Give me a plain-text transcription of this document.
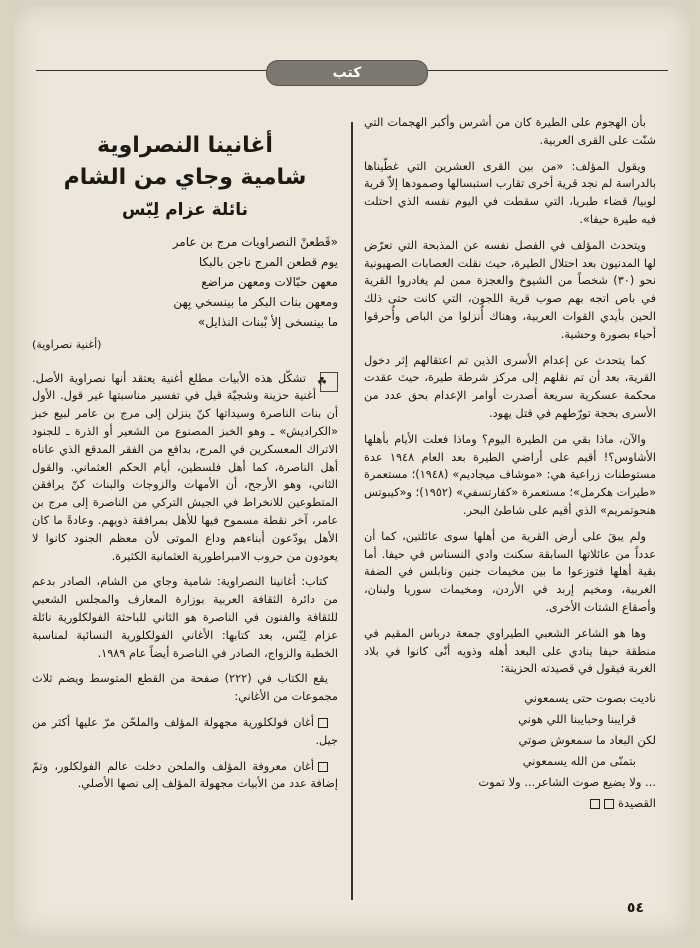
كتب

بأن الهجوم على الطيرة كان من أشرس وأكبر الهجمات التي شنّت على القرى العربية.

ويقول المؤلف: «من بين القرى العشرين التي غطّيناها بالدراسة لم نجد قرية أخرى تقارب استبسالها وصمودها إلاّ قرية لوبيا/ قضاء طبريا، التي سقطت في اليوم نفسه الذي احتلت فيه طيرة حيفا».

ويتحدث المؤلف في الفصل نفسه عن المذبحة التي تعرّض لها المدنيون بعد احتلال الطيرة، حيث نقلت العصابات الصهيونية نحو (٣٠) شخصاً من الشيوخ والعجزة ممن لم يغادروا القرية في باص اتجه بهم صوب قرية اللجون، التي كانت حتى ذلك الحين بأيدي القوات العربية، وهناك أُنزلوا من الباص وأُحرقوا أحياء بصورة وحشية.

كما يتحدث عن إعدام الأسرى الذين تم اعتقالهم إثر دخول القرية، بعد أن تم نقلهم إلى مركز شرطة طيرة، حيث عقدت محكمة عسكرية سريعة أصدرت أوامر الإعدام بحق عدد من الأسرى بحجة تورّطهم في قتل يهود.

والآن، ماذا بقي من الطيرة اليوم؟ وماذا فعلت الأيام بأهلها الأشاوس؟! أقيم على أراضي الطيرة بعد العام ١٩٤٨ عدة مستوطنات زراعية هي: «موشاف ميجاديم» (١٩٤٨)؛ مستعمرة «طيرات هكرمل»؛ مستعمرة «كفارتسفي» (١٩٥٢)؛ و«كيبوتس هنحوتمريم» الذي أقيم على شاطئ البحر.

ولم يبقَ على أرض القرية من أهلها سوى عائلتين، كما أن عدداً من عائلاتها السابقة سكنت وادي النسناس في حيفا. أما بقية أهلها فتوزعوا ما بين مخيمات جنين ونابلس في الضفة الغربية، ومخيم إربد في الأردن، ومخيمات سوريا ولبنان، وأصقاع الشتات الأخرى.

وها هو الشاعر الشعبي الطيراوي جمعة درباس المقيم في منطقة حيفا ينادي على البعد أهله وذويه أنّى كانوا في بلاد الغربة فيقول في قصيدته الحزينة:

ناديت بصوت حتى يسمعوني
قرايبنا وحبايبنا اللي هوني
لكن البعاد ما سمعوش صوتي
بتمنّى من الله يسمعوني
... ولا يضيع صوت الشاعر... ولا تموت
القصيدة
أغانينا النصراوية
شامية وجاي من الشام
نائلة عزام لِبّس
«قَطعنْ النصراويات مرج بن عامر
يوم قطعن المرج ناجن بالبكا
معهن حبّالات ومعهن مراضع
ومعهن بنات البكر ما بينسخي بِهن
ما بينسخى إلأ بْبنات النذايل»
(أغنية نصراوية)

☘
تشكّل هذه الأبيات مطلع أغنية يعتقد أنها نصراوية الأصل. أغنية حزينة وشجيّة قيل في تفسير مناسبتها غير قول. الأول أن بنات الناصرة وسيداتها كنّ ينزلن إلى مرج بن عامر لبيع خبز «الكراديش» ـ وهو الخبز المصنوع من الشعير أو الذرة ـ للجنود الاتراك المعسكرين في المرج، بدافع من الفقر المدقع الذي عاناه أهل الناصرة، كما أهل فلسطين، أيام الحكم العثماني. والقول الثاني، وهو الأرجح، أن الأمهات والزوجات والبنات كنّ يرافقن المتطوعين للانخراط في الجيش التركي من الناصرة إلى مرج بن عامر، آخر نقطة مسموح فيها للأهل بمرافقة ذويهم. وعادةً ما كان الأهل يودّعون أبناءهم وداع الموتى لأن معظم الجنود كانوا لا يعودون من حروب الامبراطورية العثمانية الكثيرة.

كتاب: أغانينا النصراوية: شامية وجاي من الشام، الصادر بدعم من دائرة الثقافة العربية بوزارة المعارف والمجلس الشعبي للثقافة والفنون في الناصرة هو الثاني للباحثة الفولكلورية نائلة عزام لِبّس، بعد كتابها: الأغاني الفولكلورية النسائية لمناسبة الخطبة والزواج، الصادر في الناصرة أيضاً عام ١٩٨٩.

يقع الكتاب في (٢٢٢) صفحة من القطع المتوسط ويضم ثلاث مجموعات من الأغاني:

أغان فولكلورية مجهولة المؤلف والملحّن مرّ عليها أكثر من جيل.

أغان معروفة المؤلف والملحن دخلت عالم الفولكلور، وتمّ إضافة عدد من الأبيات مجهولة المؤلف إلى نصها الأصلي.

٥٤
